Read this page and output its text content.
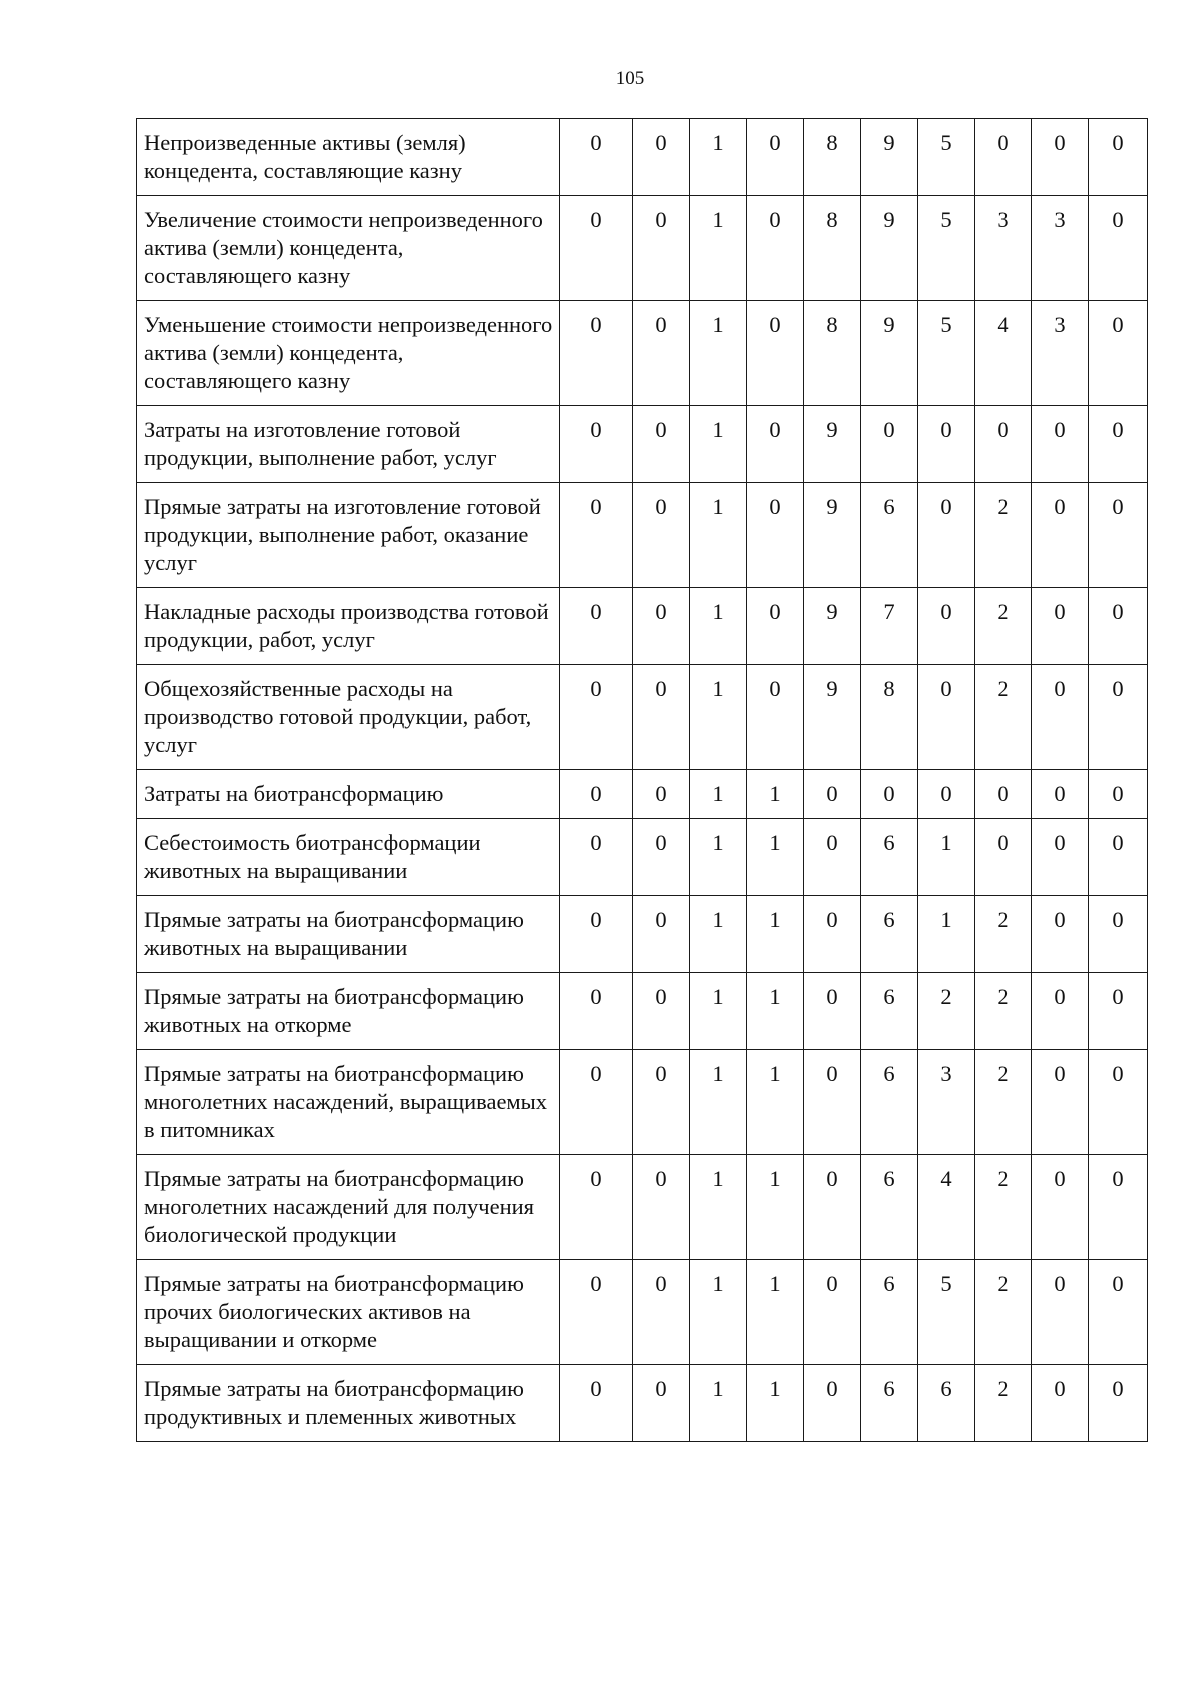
105
Непроизведенные активы (земля) концедента, составляющие казну	0	0	1	0	8	9	5	0	0	0
Увеличение стоимости непроизведенного актива (земли) концедента, составляющего казну	0	0	1	0	8	9	5	3	3	0
Уменьшение стоимости непроизведенного актива (земли) концедента, составляющего казну	0	0	1	0	8	9	5	4	3	0
Затраты на изготовление готовой продукции, выполнение работ, услуг	0	0	1	0	9	0	0	0	0	0
Прямые затраты на изготовление готовой продукции, выполнение работ, оказание услуг	0	0	1	0	9	6	0	2	0	0
Накладные расходы производства готовой продукции, работ, услуг	0	0	1	0	9	7	0	2	0	0
Общехозяйственные расходы на производство готовой продукции, работ, услуг	0	0	1	0	9	8	0	2	0	0
Затраты на биотрансформацию	0	0	1	1	0	0	0	0	0	0
Себестоимость биотрансформации животных на выращивании	0	0	1	1	0	6	1	0	0	0
Прямые затраты на биотрансформацию животных на выращивании	0	0	1	1	0	6	1	2	0	0
Прямые затраты на биотрансформацию животных на откорме	0	0	1	1	0	6	2	2	0	0
Прямые затраты на биотрансформацию многолетних насаждений, выращиваемых в питомниках	0	0	1	1	0	6	3	2	0	0
Прямые затраты на биотрансформацию многолетних насаждений для получения биологической продукции	0	0	1	1	0	6	4	2	0	0
Прямые затраты на биотрансформацию прочих биологических активов на выращивании и откорме	0	0	1	1	0	6	5	2	0	0
Прямые затраты на биотрансформацию продуктивных и племенных животных	0	0	1	1	0	6	6	2	0	0
